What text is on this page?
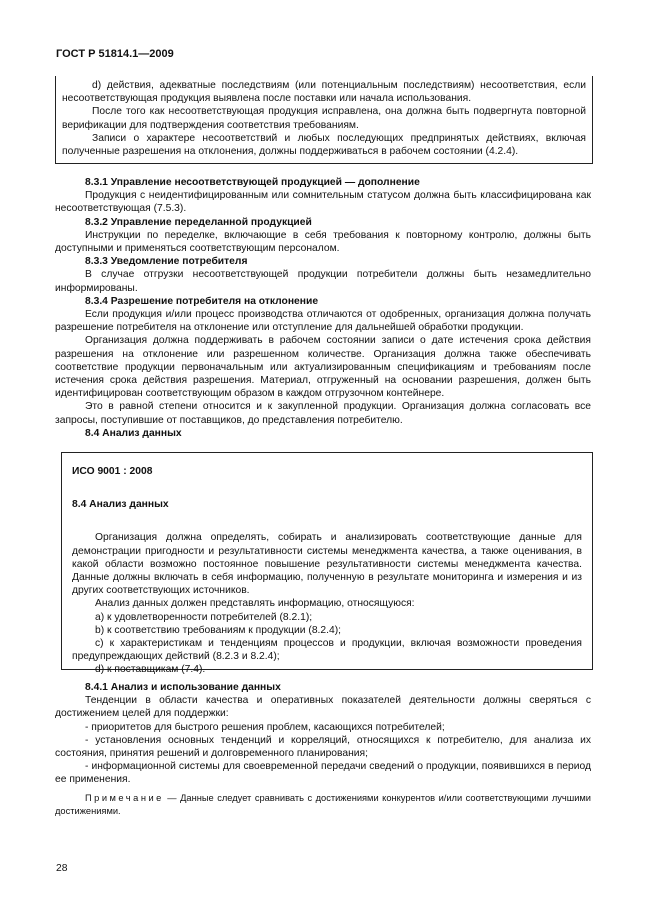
ГОСТ Р 51814.1—2009

d) действия, адекватные последствиям (или потенциальным последствиям) несоответствия, если несоответствующая продукция выявлена после поставки или начала использования.

После того как несоответствующая продукция исправлена, она должна быть подвергнута повторной верификации для подтверждения соответствия требованиям.

Записи о характере несоответствий и любых последующих предпринятых действиях, включая полученные разрешения на отклонения, должны поддерживаться в рабочем состоянии (4.2.4).

8.3.1 Управление несоответствующей продукцией — дополнение

Продукция с неидентифицированным или сомнительным статусом должна быть классифицирована как несоответствующая (7.5.3).

8.3.2 Управление переделанной продукцией

Инструкции по переделке, включающие в себя требования к повторному контролю, должны быть доступными и применяться соответствующим персоналом.

8.3.3 Уведомление потребителя

В случае отгрузки несоответствующей продукции потребители должны быть незамедлительно информированы.

8.3.4 Разрешение потребителя на отклонение

Если продукция и/или процесс производства отличаются от одобренных, организация должна получать разрешение потребителя на отклонение или отступление для дальнейшей обработки продукции.

Организация должна поддерживать в рабочем состоянии записи о дате истечения срока действия разрешения на отклонение или разрешенном количестве. Организация должна также обеспечивать соответствие продукции первоначальным или актуализированным спецификациям и требованиям после истечения срока действия разрешения. Материал, отгруженный на основании разрешения, должен быть идентифицирован соответствующим образом в каждом отгрузочном контейнере.

Это в равной степени относится и к закупленной продукции. Организация должна согласовать все запросы, поступившие от поставщиков, до представления потребителю.

8.4 Анализ данных

ИСО 9001 : 2008

8.4 Анализ данных

Организация должна определять, собирать и анализировать соответствующие данные для демонстрации пригодности и результативности системы менеджмента качества, а также оценивания, в какой области возможно постоянное повышение результативности системы менеджмента качества. Данные должны включать в себя информацию, полученную в результате мониторинга и измерения и из других соответствующих источников.

Анализ данных должен представлять информацию, относящуюся:

а) к удовлетворенности потребителей (8.2.1);

b) к соответствию требованиям к продукции (8.2.4);

с) к характеристикам и тенденциям процессов и продукции, включая возможности проведения предупреждающих действий (8.2.3 и 8.2.4);

d) к поставщикам (7.4).

8.4.1 Анализ и использование данных

Тенденции в области качества и оперативных показателей деятельности должны сверяться с достижением целей для поддержки:

- приоритетов для быстрого решения проблем, касающихся потребителей;

- установления основных тенденций и корреляций, относящихся к потребителю, для анализа их состояния, принятия решений и долговременного планирования;

- информационной системы для своевременной передачи сведений о продукции, появившихся в период ее применения.

Примечание — Данные следует сравнивать с достижениями конкурентов и/или соответствующими лучшими достижениями.

28
